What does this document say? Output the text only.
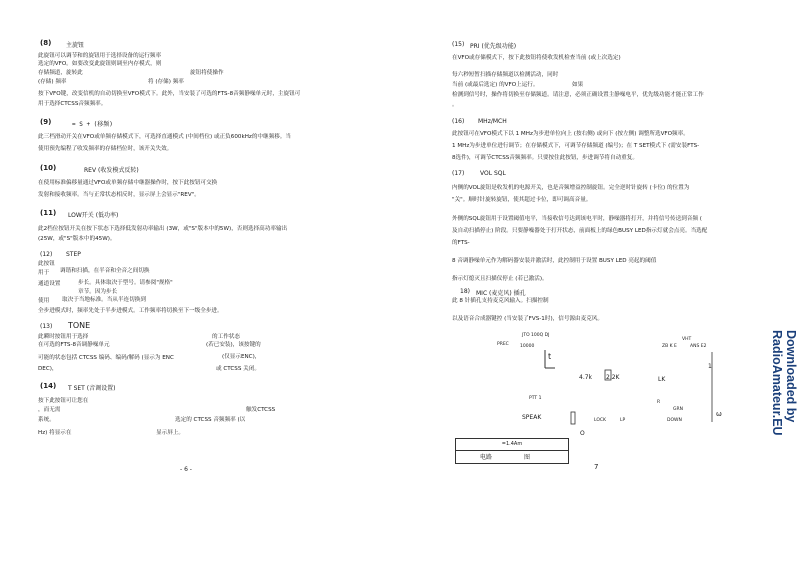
(8) 主旋钮
此旋钮可以调节和的旋钮用于选择设备的运行频率
选定的VFO。如要改变此旋钮则调至内存模式，则
存储频道，旋转此	旋钮将使操作
(存储) 频率	将 (存储) 频率
按下VFO键，改变信机的自动切换至VFO模式下。此外，当安装了可选的FTS-8音频静噪单元时，主旋钮可
用于选择CTCSS音频频率。
(9)	= S + (移频)
此三档滑动开关在VFO或单频存储模式下，可选择直通模式 (中间档位) 或正负600kHz的中继频移。当
使用预先编程了收发频率的存储档位时，该开关失效。
(10)	REV (收发模式反转)
在使用标准偏移量通过VFO或单频存储中继器操作时，按下此按钮可交换
发射和接收频率。当与正常状态相反时，显示屏上会显示"REV"。
(11) LOW开关 (低功率)
此2档位按钮开关在按下状态下选择低发射功率输出 (3W，或"S"版本中的5W)，否则选择高功率输出
(25W，或"S"版本中的45W)。
(12) STEP
此按钮
用于 调谐和扫描，在半音和全音之间切换
通道设置	步长。具体取决于型号。请参阅"规格"
章节。因为步长
使用 取决于当地标准。当从半连切换到
全步进模式时，频率先处于半步进模式。工作频率将切换至下一级全步进。
(13) TONE
此瞬时按钮用于选择	的工作状态
在可选的FTS-8音调静噪单元	(若已安装)，该按键的
可能的状态包括 CTCSS 编码、编码/解码 (显示为 ENC	(仅显示ENC)，
DEC)，	或 CTCSS 关闭。
(14) T SET (音调设置)
按下此按钮可让您在
，而无需	触发CTCSS
系统。	选定的 CTCSS 音频频率 (以
Hz) 将显示在	显示屏上。
- 6 -
(15) PRI (优先级功能)
在VFO或存储模式下，按下此按钮将使收发机检查当前 (或上次选定)
每六秒短暂扫描存储频道以检测活动，同时
当前 (或最后选定) 的VFO上运行。	如果
检测到信号时，操作将切换至存储频道。请注意，必须正确设置主静噪电平，优先级功能才能正常工作
。
(16) MHz/MCH
此按钮可在VFO模式下以 1 MHz为步进单位向上 (按右侧) 或向下 (按左侧) 调整所选VFO频率。
1 MHz为步进单位进行调节；在存储模式下，可调节存储频道 (编号)；在 T SET模式下 (需安装FTS-
8选件)，可调节CTCSS音频频率。只要按住此按钮，步进调节将自动重复。
(17)	VOL SQL
内侧的VOL旋钮是收发机的电源开关，也是音频增益控制旋钮。完全逆时针旋转 (卡位) 的位置为
"关"。顺时针旋转旋钮，使其超过卡位，即可调高音量。
外侧的SQL旋钮用于设置阈值电平，当接收信号达到该电平时，静噪器将打开，并将信号传送到音频 (
及自动扫描停止) 阶段。只要静噪器处于打开状态，前面板上的绿色BUSY LED指示灯就会点亮。当选配
的FTS-
8 音调静噪单元作为解码器安装并激活时，此控制用于设置 BUSY LED 亮起的阈值
指示灯熄灭且扫描仪停止 (若已激活)。
18) MIC (麦克风) 插孔
此 8 针插孔支持麦克风输入。扫描控制
以及语音合成器键控 (当安装了FVS-1时)，信号源由麦克风。
VHT
JTO 100Q DJ
PREC	ANS E2
ZB K E
10000
t
4.7k 2.2K	LK
PTT 1
R
SPEAK	LOCK	LP	DOWN
GRN
ω
O
1
7
=1.4Am
电路	图
Downloaded by RadioAmateur.EU
